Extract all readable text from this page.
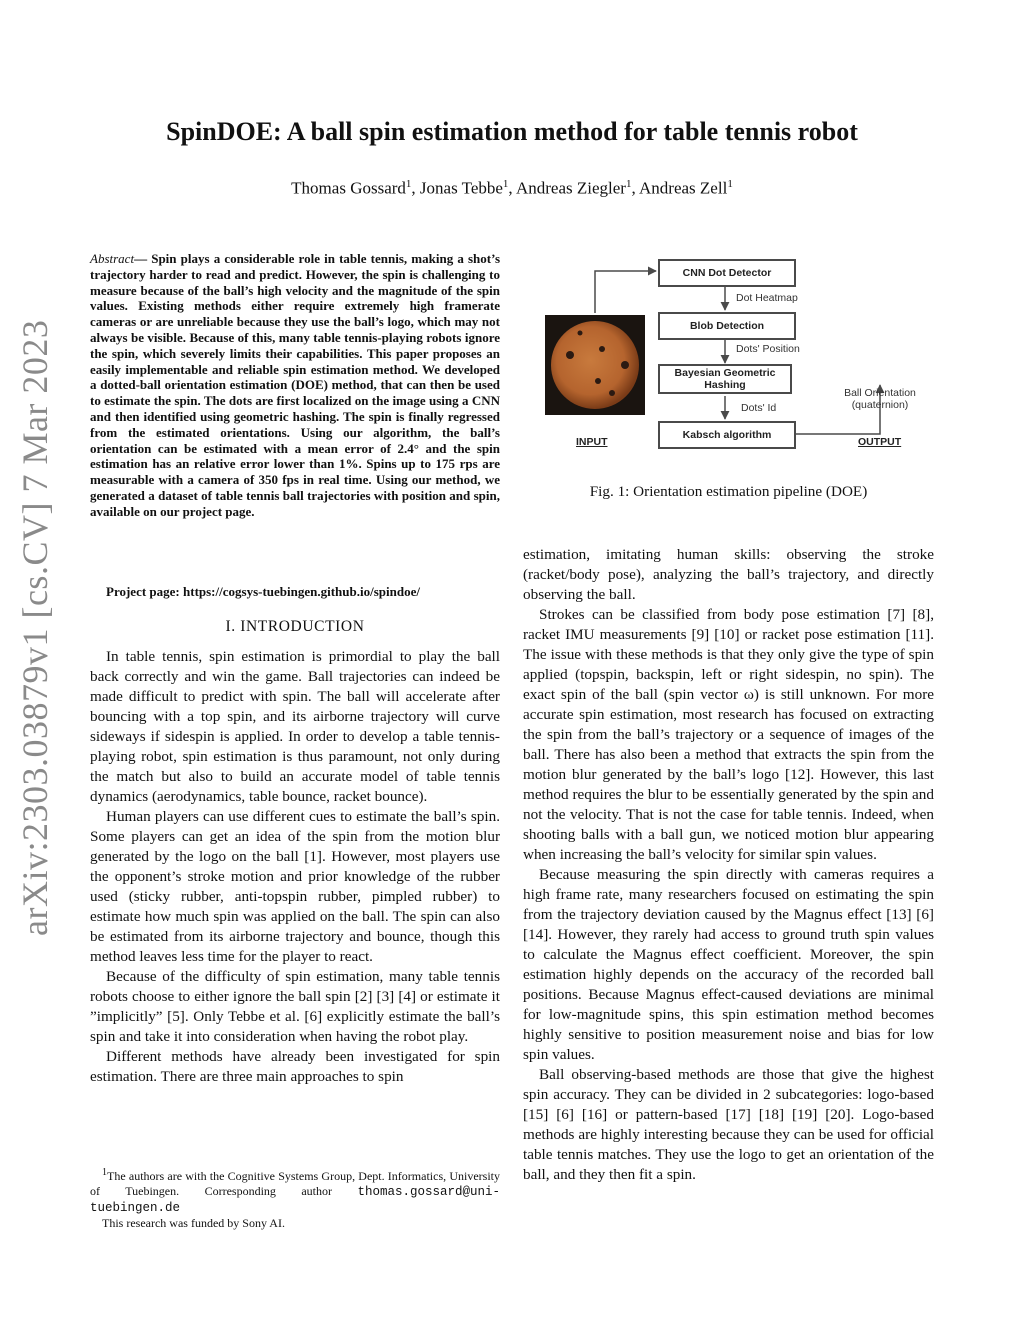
arXiv:2303.03879v1 [cs.CV] 7 Mar 2023
SpinDOE: A ball spin estimation method for table tennis robot
Thomas Gossard$^1$, Jonas Tebbe$^1$, Andreas Ziegler$^1$, Andreas Zell$^1$
Abstract— Spin plays a considerable role in table tennis, making a shot’s trajectory harder to read and predict. However, the spin is challenging to measure because of the ball’s high velocity and the magnitude of the spin values. Existing methods either require extremely high framerate cameras or are unreliable because they use the ball’s logo, which may not always be visible. Because of this, many table tennis-playing robots ignore the spin, which severely limits their capabilities. This paper proposes an easily implementable and reliable spin estimation method. We developed a dotted-ball orientation estimation (DOE) method, that can then be used to estimate the spin. The dots are first localized on the image using a CNN and then identified using geometric hashing. The spin is finally regressed from the estimated orientations. Using our algorithm, the ball’s orientation can be estimated with a mean error of 2.4° and the spin estimation has an relative error lower than 1%. Spins up to 175 rps are measurable with a camera of 350 fps in real time. Using our method, we generated a dataset of table tennis ball trajectories with position and spin, available on our project page.
Project page: https://cogsys-tuebingen.github.io/spindoe/
I. INTRODUCTION

In table tennis, spin estimation is primordial to play the ball back correctly and win the game. Ball trajectories can indeed be made difficult to predict with spin. The ball will accelerate after bouncing with a top spin, and its airborne trajectory will curve sideways if sidespin is applied. In order to develop a table tennis-playing robot, spin estimation is thus paramount, not only during the match but also to build an accurate model of table tennis dynamics (aerodynamics, table bounce, racket bounce).

Human players can use different cues to estimate the ball’s spin. Some players can get an idea of the spin from the motion blur generated by the logo on the ball [1]. However, most players use the opponent’s stroke motion and prior knowledge of the rubber used (sticky rubber, anti-topspin rubber, pimpled rubber) to estimate how much spin was applied on the ball. The spin can also be estimated from its airborne trajectory and bounce, though this method leaves less time for the player to react.

Because of the difficulty of spin estimation, many table tennis robots choose to either ignore the ball spin [2] [3] [4] or estimate it ”implicitly” [5]. Only Tebbe et al. [6] explicitly estimate the ball’s spin and take it into consideration when having the robot play.

Different methods have already been investigated for spin estimation. There are three main approaches to spin

$^1$The authors are with the Cognitive Systems Group, Dept. Informatics, University of Tuebingen. Corresponding author thomas.gossard@uni-tuebingen.de

This research was funded by Sony AI.

CNN Dot Detector
Blob Detection
Bayesian Geometric Hashing
Kabsch algorithm
Dot Heatmap
Dots' Position
Dots' Id
Ball Orientation
(quaternion)
INPUT	OUTPUT
Fig. 1: Orientation estimation pipeline (DOE)

estimation, imitating human skills: observing the stroke (racket/body pose), analyzing the ball’s trajectory, and directly observing the ball.

Strokes can be classified from body pose estimation [7] [8], racket IMU measurements [9] [10] or racket pose estimation [11]. The issue with these methods is that they only give the type of spin applied (topspin, backspin, left or right sidespin, no spin). The exact spin of the ball (spin vector ω) is still unknown. For more accurate spin estimation, most research has focused on extracting the spin from the ball’s trajectory or a sequence of images of the ball. There has also been a method that extracts the spin from the motion blur generated by the ball’s logo [12]. However, this last method requires the blur to be essentially generated by the spin and not the velocity. That is not the case for table tennis. Indeed, when shooting balls with a ball gun, we noticed motion blur appearing when increasing the ball’s velocity for similar spin values.

Because measuring the spin directly with cameras requires a high frame rate, many researchers focused on estimating the spin from the trajectory deviation caused by the Magnus effect [13] [6] [14]. However, they rarely had access to ground truth spin values to calculate the Magnus effect coefficient. Moreover, the spin estimation highly depends on the accuracy of the recorded ball positions. Because Magnus effect-caused deviations are minimal for low-magnitude spins, this spin estimation method becomes highly sensitive to position measurement noise and bias for low spin values.

Ball observing-based methods are those that give the highest spin accuracy. They can be divided in 2 subcategories: logo-based [15] [6] [16] or pattern-based [17] [18] [19] [20]. Logo-based methods are highly interesting because they can be used for official table tennis matches. They use the logo to get an orientation of the ball, and they then fit a spin.
